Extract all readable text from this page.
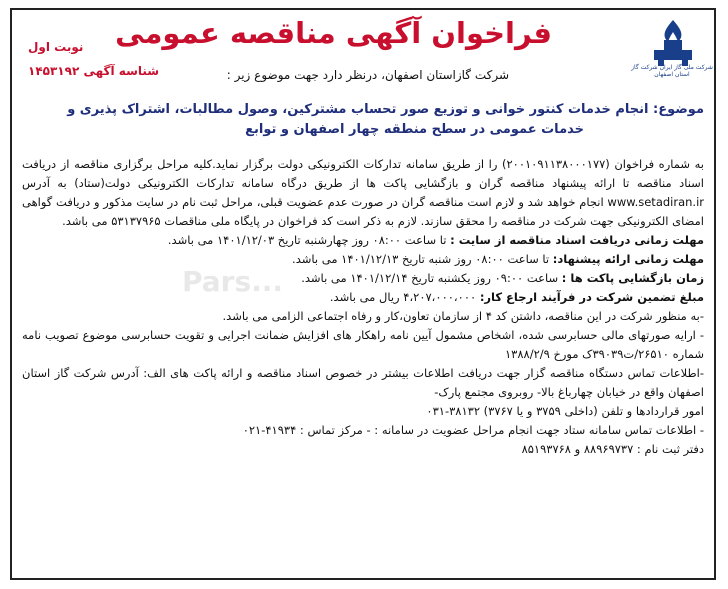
شرکت ملی گاز ایران شرکت گاز استان اصفهان
فراخوان آگهی مناقصه عمومی
نوبت اول
شناسه آگهی ۱۴۵۳۱۹۲	شرکت گازاستان اصفهان، درنظر دارد جهت موضوع زیر :
موضوع: انجام خدمات کنتور خوانی و توزیع صور تحساب مشترکین، وصول مطالبات، اشتراک پذیری و
خدمات عمومی در سطح منطقه چهار اصفهان و توابع

به شماره فراخوان (۲۰۰۱۰۹۱۱۳۸۰۰۰۱۷۷) را از طریق سامانه تدارکات الکترونیکی دولت برگزار نماید.کلیه مراحل برگزاری مناقصه از دریافت اسناد مناقصه تا ارائه پیشنهاد مناقصه گران و بازگشایی پاکت ها از طریق درگاه سامانه تدارکات الکترونیکی دولت(ستاد) به آدرس www.setadiran.ir انجام خواهد شد و لازم است مناقصه گران در صورت عدم عضویت قبلی، مراحل ثبت نام در سایت مذکور و دریافت گواهی امضای الکترونیکی جهت شرکت در مناقصه را محقق سازند. لازم به ذکر است کد فراخوان در پایگاه ملی مناقصات ۵۳۱۳۷۹۶۵ می باشد.

مهلت زمانی دریافت اسناد مناقصه از سایت : تا ساعت ۰۸:۰۰ روز چهارشنبه تاریخ ۱۴۰۱/۱۲/۰۳ می باشد.

مهلت زمانی ارائه پیشنهاد: تا ساعت ۰۸:۰۰ روز شنبه تاریخ ۱۴۰۱/۱۲/۱۳ می باشد.

زمان بازگشایی پاکت ها : ساعت ۰۹:۰۰ روز یکشنبه تاریخ ۱۴۰۱/۱۲/۱۴ می باشد.

مبلغ تضمین شرکت در فرآیند ارجاع کار: ۴،۲۰۷،۰۰۰،۰۰۰ ریال می باشد.

-به منظور شرکت در این مناقصه، داشتن کد ۴ از سازمان تعاون،کار و رفاه اجتماعی الزامی می باشد.

- ارایه صورتهای مالی حسابرسی شده، اشخاص مشمول آیین نامه راهکار های افزایش ضمانت اجرایی و تقویت حسابرسی موضوع تصویب نامه شماره ۲۶۵۱۰/ت۳۹۰۳۹ک مورخ ۱۳۸۸/۲/۹

-اطلاعات تماس دستگاه مناقصه گزار جهت دریافت اطلاعات بیشتر در خصوص اسناد مناقصه و ارائه پاکت های الف: آدرس شرکت گاز استان اصفهان واقع در خیابان چهارباغ بالا- روبروی مجتمع پارک-

امور قراردادها و تلفن (داخلی ۳۷۵۹ و یا ۳۷۶۷) ۳۸۱۳۲-۰۳۱

- اطلاعات تماس سامانه ستاد جهت انجام مراحل عضویت در سامانه : - مرکز تماس : ۴۱۹۳۴-۰۲۱

دفتر ثبت نام : ۸۸۹۶۹۷۳۷ و ۸۵۱۹۳۷۶۸

Pars...
